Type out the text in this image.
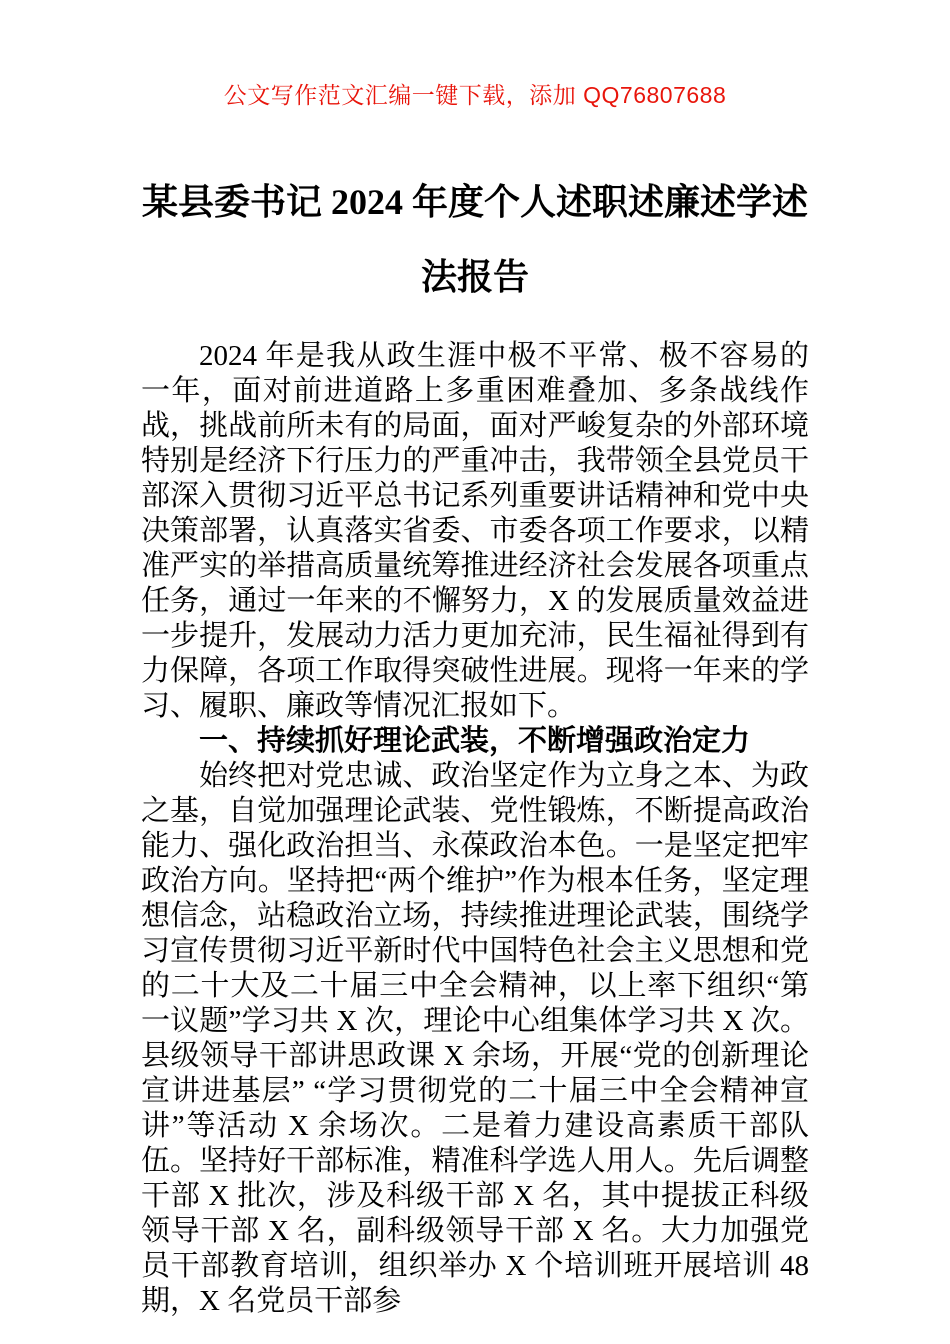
公文写作范文汇编一键下载，添加 QQ76807688
某县委书记 2024 年度个人述职述廉述学述法报告

2024 年是我从政生涯中极不平常、极不容易的一年，面对前进道路上多重困难叠加、多条战线作战，挑战前所未有的局面，面对严峻复杂的外部环境特别是经济下行压力的严重冲击，我带领全县党员干部深入贯彻习近平总书记系列重要讲话精神和党中央决策部署，认真落实省委、市委各项工作要求，以精准严实的举措高质量统筹推进经济社会发展各项重点任务，通过一年来的不懈努力，X 的发展质量效益进一步提升，发展动力活力更加充沛，民生福祉得到有力保障，各项工作取得突破性进展。现将一年来的学习、履职、廉政等情况汇报如下。

一、持续抓好理论武装，不断增强政治定力

始终把对党忠诚、政治坚定作为立身之本、为政之基，自觉加强理论武装、党性锻炼，不断提高政治能力、强化政治担当、永葆政治本色。一是坚定把牢政治方向。坚持把“两个维护”作为根本任务，坚定理想信念，站稳政治立场，持续推进理论武装，围绕学习宣传贯彻习近平新时代中国特色社会主义思想和党的二十大及二十届三中全会精神，以上率下组织“第一议题”学习共 X 次，理论中心组集体学习共 X 次。县级领导干部讲思政课 X 余场，开展“党的创新理论宣讲进基层” “学习贯彻党的二十届三中全会精神宣讲”等活动 X 余场次。二是着力建设高素质干部队伍。坚持好干部标准，精准科学选人用人。先后调整干部 X 批次，涉及科级干部 X 名，其中提拔正科级领导干部 X 名，副科级领导干部 X 名。大力加强党员干部教育培训，组织举办 X 个培训班开展培训 48 期，X 名党员干部参
